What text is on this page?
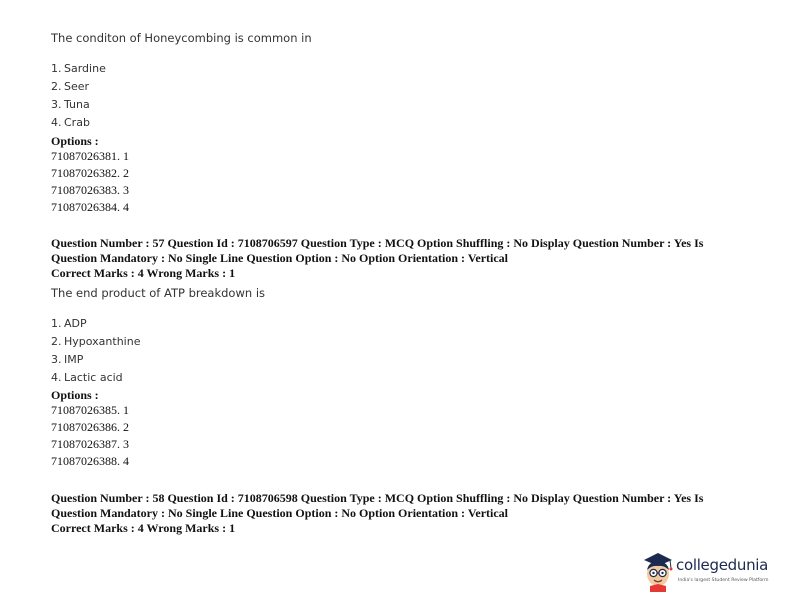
The conditon of Honeycombing is common in
1. Sardine
2. Seer
3. Tuna
4. Crab
Options :
71087026381. 1
71087026382. 2
71087026383. 3
71087026384. 4
Question Number : 57 Question Id : 7108706597 Question Type : MCQ Option Shuffling : No Display Question Number : Yes Is
Question Mandatory : No Single Line Question Option : No Option Orientation : Vertical
Correct Marks : 4 Wrong Marks : 1
The end product of ATP breakdown is
1. ADP
2. Hypoxanthine
3. IMP
4. Lactic acid
Options :
71087026385. 1
71087026386. 2
71087026387. 3
71087026388. 4
Question Number : 58 Question Id : 7108706598 Question Type : MCQ Option Shuffling : No Display Question Number : Yes Is
Question Mandatory : No Single Line Question Option : No Option Orientation : Vertical
Correct Marks : 4 Wrong Marks : 1
collegedunia
India's largest Student Review Platform
